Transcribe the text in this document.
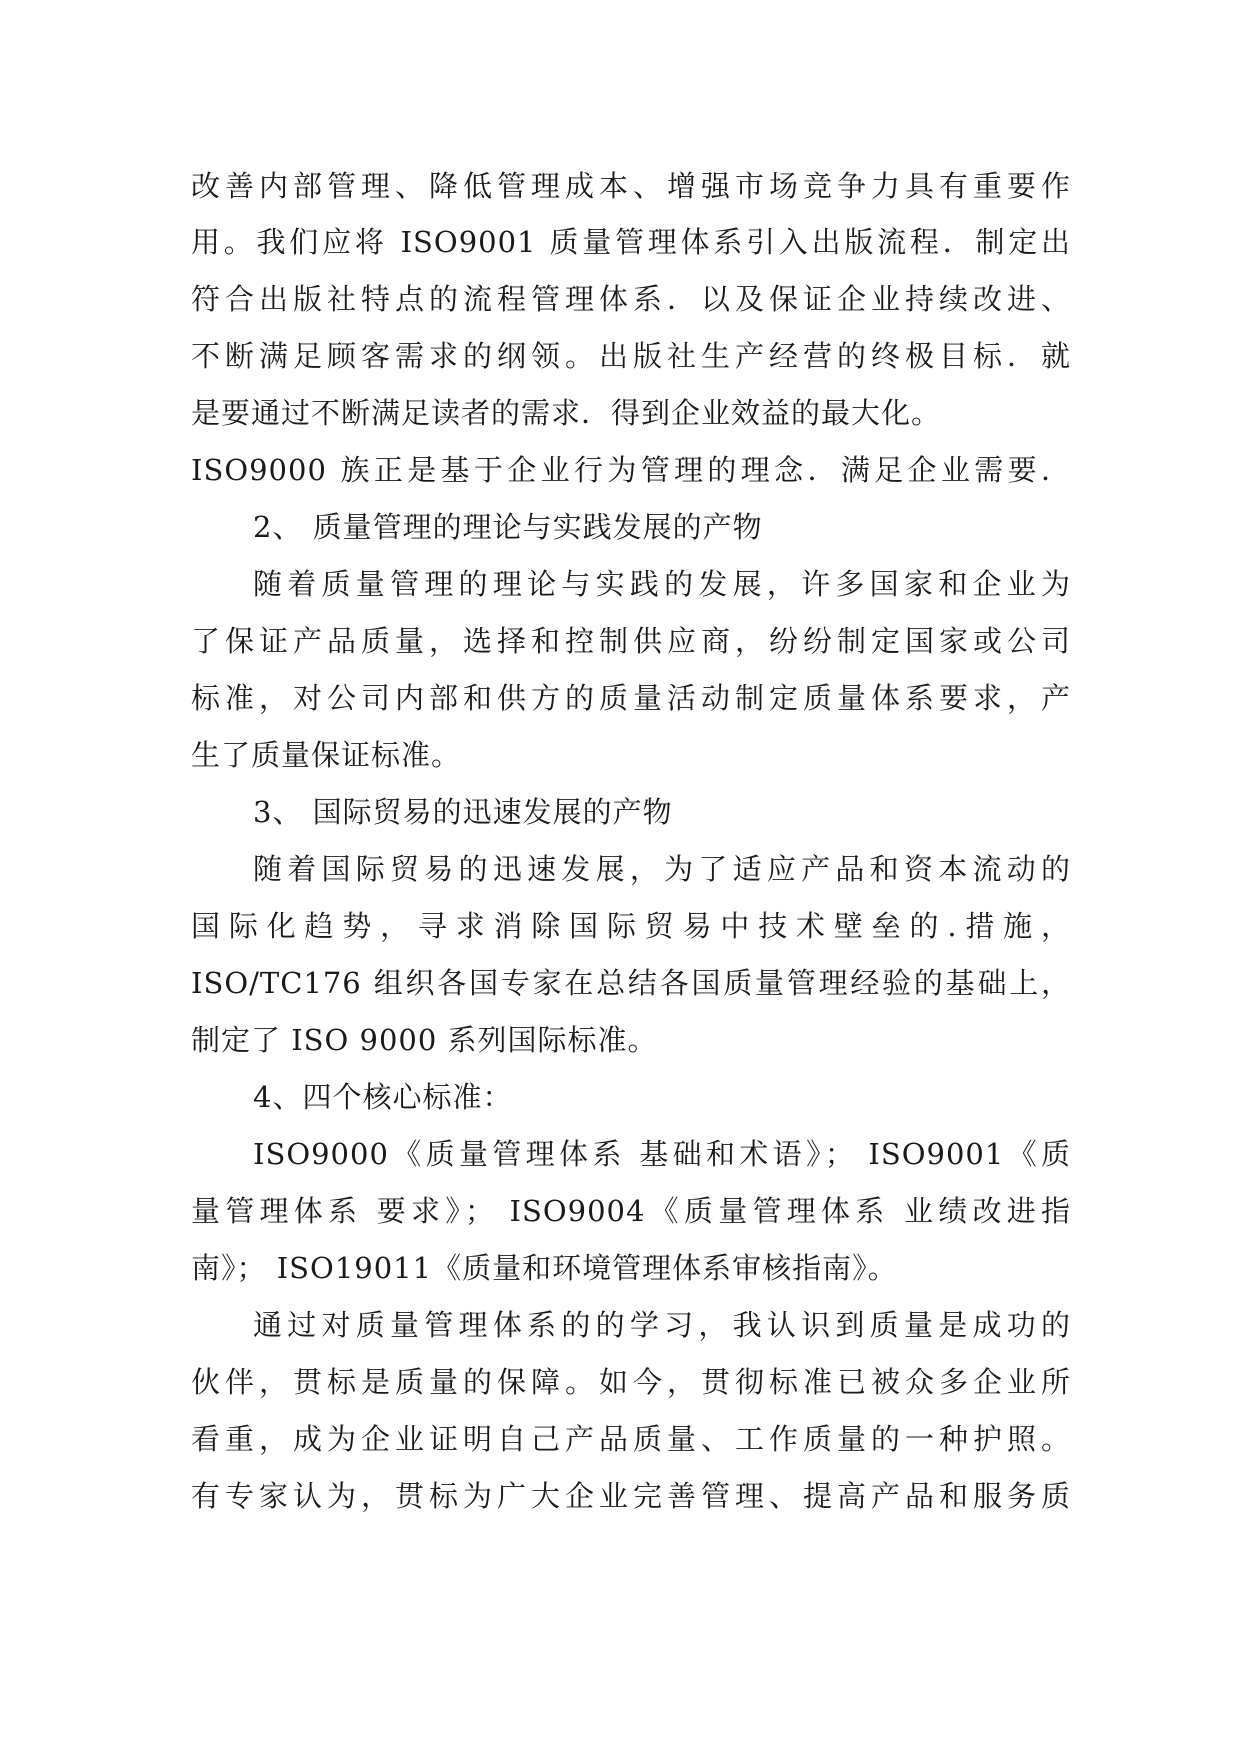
改善内部管理、降低管理成本、增强市场竞争力具有重要作
用。我们应将 ISO9001 质量管理体系引入出版流程．制定出
符合出版社特点的流程管理体系．以及保证企业持续改进、
不断满足顾客需求的纲领。出版社生产经营的终极目标．就
是要通过不断满足读者的需求．得到企业效益的最大化。
ISO9000 族正是基于企业行为管理的理念．满足企业需要．
2、 质量管理的理论与实践发展的产物
随着质量管理的理论与实践的发展，许多国家和企业为
了保证产品质量，选择和控制供应商，纷纷制定国家或公司
标准，对公司内部和供方的质量活动制定质量体系要求，产
生了质量保证标准。
3、 国际贸易的迅速发展的产物
随着国际贸易的迅速发展，为了适应产品和资本流动的
国际化趋势，寻求消除国际贸易中技术壁垒的.措施，
ISO/TC176 组织各国专家在总结各国质量管理经验的基础上，
制定了 ISO 9000 系列国际标准。
4、四个核心标准：
ISO9000《质量管理体系 基础和术语》； ISO9001《质
量管理体系 要求》； ISO9004《质量管理体系 业绩改进指
南》； ISO19011《质量和环境管理体系审核指南》。
通过对质量管理体系的的学习，我认识到质量是成功的
伙伴，贯标是质量的保障。如今，贯彻标准已被众多企业所
看重，成为企业证明自己产品质量、工作质量的一种护照。
有专家认为，贯标为广大企业完善管理、提高产品和服务质
